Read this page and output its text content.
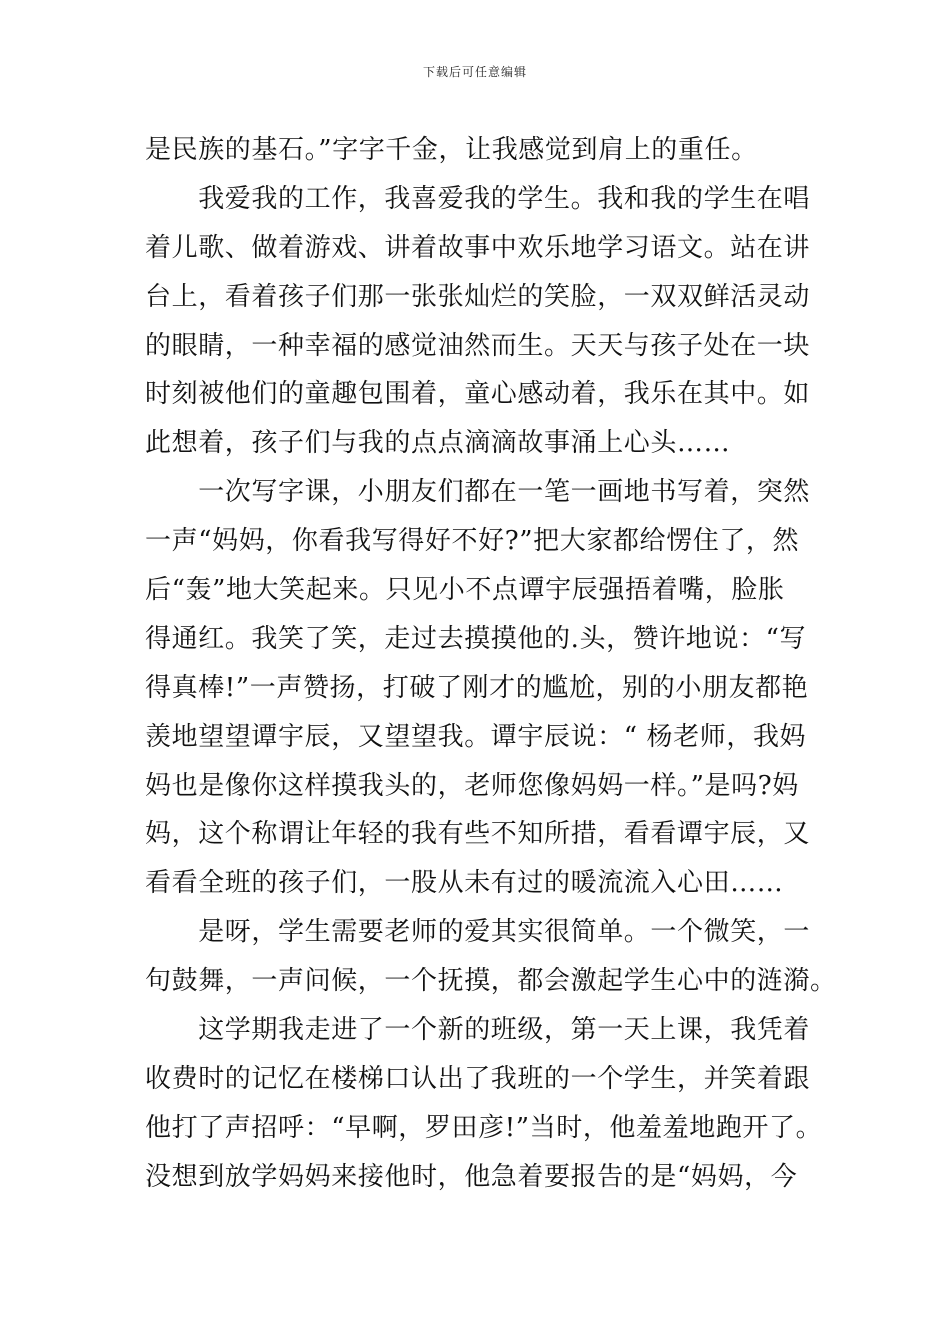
下载后可任意编辑
是民族的基石。”字字千金，让我感觉到肩上的重任。
　　我爱我的工作，我喜爱我的学生。我和我的学生在唱
着儿歌、做着游戏、讲着故事中欢乐地学习语文。站在讲
台上，看着孩子们那一张张灿烂的笑脸，一双双鲜活灵动
的眼睛，一种幸福的感觉油然而生。天天与孩子处在一块
时刻被他们的童趣包围着，童心感动着，我乐在其中。如
此想着，孩子们与我的点点滴滴故事涌上心头……
　　一次写字课，小朋友们都在一笔一画地书写着，突然
一声“妈妈，你看我写得好不好?”把大家都给愣住了，然
后“轰”地大笑起来。只见小不点谭宇辰强捂着嘴，脸胀
得通红。我笑了笑，走过去摸摸他的.头，赞许地说：“写
得真棒!”一声赞扬，打破了刚才的尴尬，别的小朋友都艳
羡地望望谭宇辰，又望望我。谭宇辰说：“ 杨老师，我妈
妈也是像你这样摸我头的，老师您像妈妈一样。”是吗?妈
妈，这个称谓让年轻的我有些不知所措，看看谭宇辰，又
看看全班的孩子们，一股从未有过的暖流流入心田……
　　是呀，学生需要老师的爱其实很简单。一个微笑，一
句鼓舞，一声问候，一个抚摸，都会激起学生心中的涟漪。
　　这学期我走进了一个新的班级，第一天上课，我凭着
收费时的记忆在楼梯口认出了我班的一个学生，并笑着跟
他打了声招呼：“早啊，罗田彦!”当时，他羞羞地跑开了。
没想到放学妈妈来接他时，他急着要报告的是“妈妈，今
